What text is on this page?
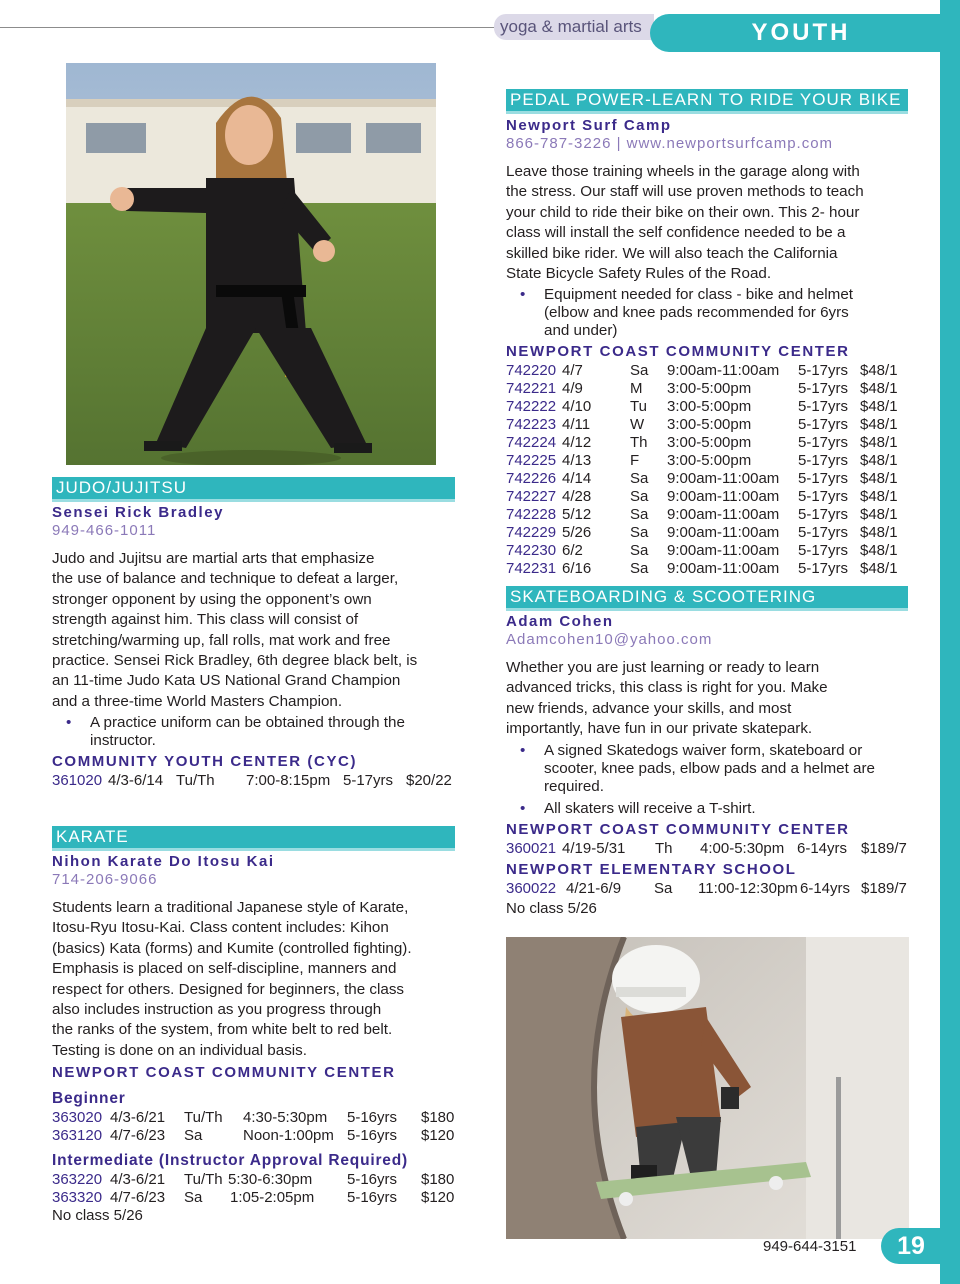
yoga & martial arts	YOUTH
JUDO/JUJITSU
Sensei Rick Bradley
949-466-1011
Judo and Jujitsu are martial arts that emphasize
the use of balance and technique to defeat a larger,
stronger opponent by using the opponent’s own
strength against him. This class will consist of
stretching/warming up, fall rolls, mat work and free
practice. Sensei Rick Bradley, 6th degree black belt, is
an 11-time Judo Kata US National Grand Champion
and a three-time World Masters Champion.
• A practice uniform can be obtained through the
instructor.
COMMUNITY YOUTH CENTER (CYC)
361020 4/3-6/14 Tu/Th 7:00-8:15pm 5-17yrs $20/22
KARATE
Nihon Karate Do Itosu Kai
714-206-9066
Students learn a traditional Japanese style of Karate,
Itosu-Ryu Itosu-Kai. Class content includes: Kihon
(basics) Kata (forms) and Kumite (controlled fighting).
Emphasis is placed on self-discipline, manners and
respect for others. Designed for beginners, the class
also includes instruction as you progress through
the ranks of the system, from white belt to red belt.
Testing is done on an individual basis.
NEWPORT COAST COMMUNITY CENTER
Beginner
363020 4/3-6/21 Tu/Th 4:30-5:30pm 5-16yrs $180
363120 4/7-6/23 Sa	Noon-1:00pm 5-16yrs $120
Intermediate (Instructor Approval Required)
363220 4/3-6/21 Tu/Th 5:30-6:30pm 5-16yrs $180
363320 4/7-6/23 Sa 1:05-2:05pm 5-16yrs $120
No class 5/26
PEDAL POWER-LEARN TO RIDE YOUR BIKE
Newport Surf Camp
866-787-3226 | www.newportsurfcamp.com
Leave those training wheels in the garage along with
the stress. Our staff will use proven methods to teach
your child to ride their bike on their own. This 2- hour
class will install the self confidence needed to be a
skilled bike rider. We will also teach the California
State Bicycle Safety Rules of the Road.
• Equipment needed for class - bike and helmet
(elbow and knee pads recommended for 6yrs
and under)
NEWPORT COAST COMMUNITY CENTER
742220 4/7	Sa 9:00am-11:00am 5-17yrs $48/1
742221 4/9	M 3:00-5:00pm	5-17yrs $48/1
742222 4/10	Tu 3:00-5:00pm	5-17yrs $48/1
742223 4/11	W 3:00-5:00pm	5-17yrs $48/1
742224 4/12	Th 3:00-5:00pm	5-17yrs $48/1
742225 4/13	F 3:00-5:00pm	5-17yrs $48/1
742226 4/14	Sa 9:00am-11:00am 5-17yrs $48/1
742227 4/28	Sa 9:00am-11:00am 5-17yrs $48/1
742228 5/12	Sa 9:00am-11:00am 5-17yrs $48/1
742229 5/26	Sa 9:00am-11:00am 5-17yrs $48/1
742230 6/2	Sa 9:00am-11:00am 5-17yrs $48/1
742231 6/16	Sa 9:00am-11:00am 5-17yrs $48/1
SKATEBOARDING & SCOOTERING
Adam Cohen
Adamcohen10@yahoo.com
Whether you are just learning or ready to learn
advanced tricks, this class is right for you. Make
new friends, advance your skills, and most
importantly, have fun in our private skatepark.
• A signed Skatedogs waiver form, skateboard or
scooter, knee pads, elbow pads and a helmet are
required.
• All skaters will receive a T-shirt.
NEWPORT COAST COMMUNITY CENTER
360021 4/19-5/31 Th 4:00-5:30pm 6-14yrs $189/7
NEWPORT ELEMENTARY SCHOOL
360022 4/21-6/9 Sa 11:00-12:30pm 6-14yrs $189/7
No class 5/26
949-644-3151	19
